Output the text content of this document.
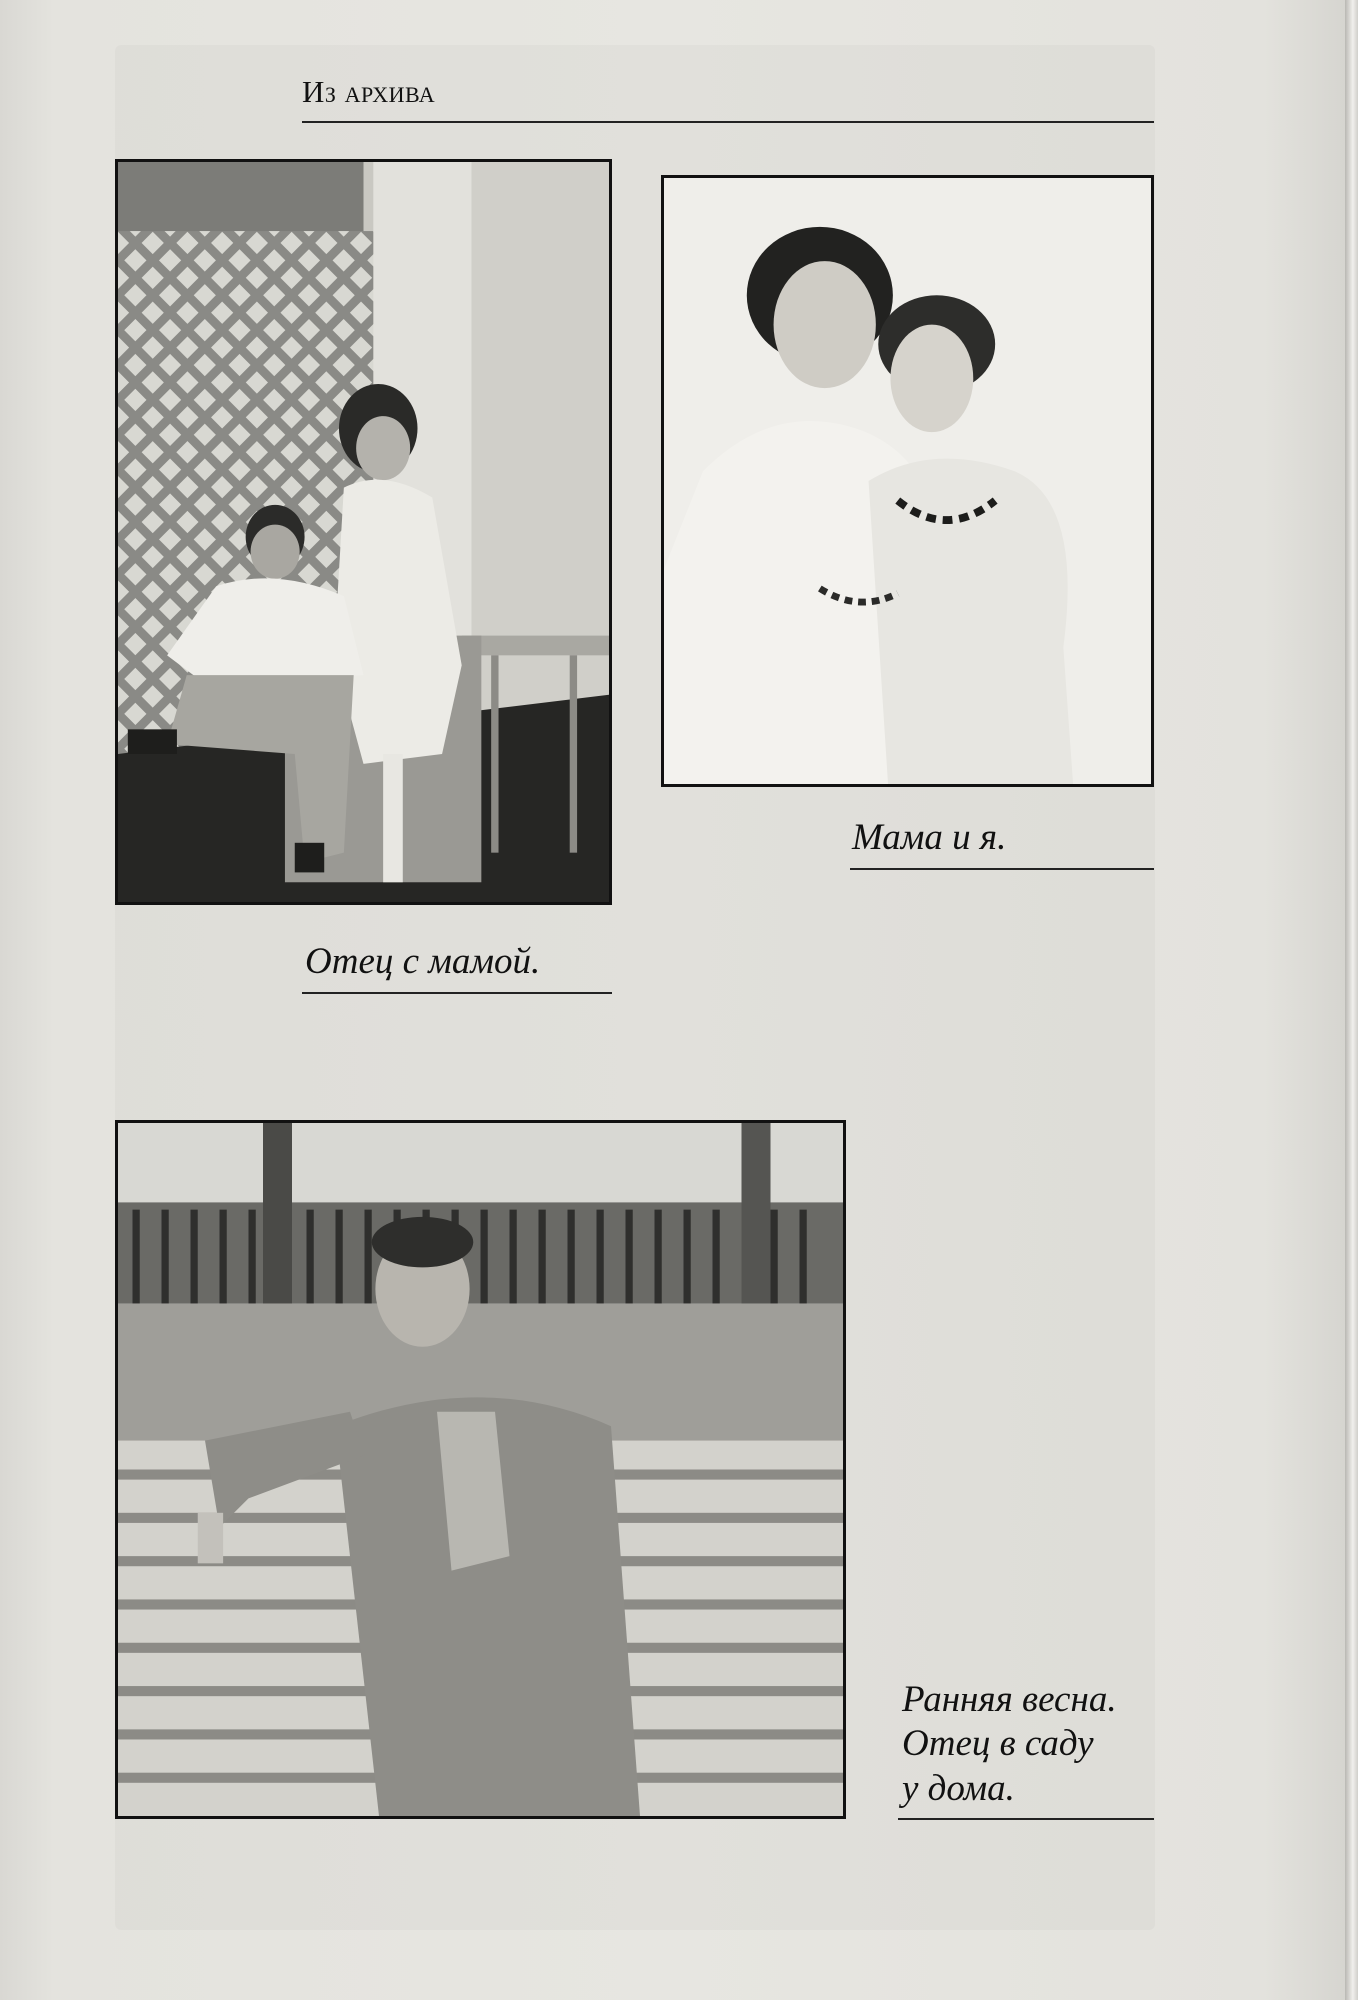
Из архива
Отец с мамой.
Мама и я.
Ранняя весна.
Отец в саду
у дома.
